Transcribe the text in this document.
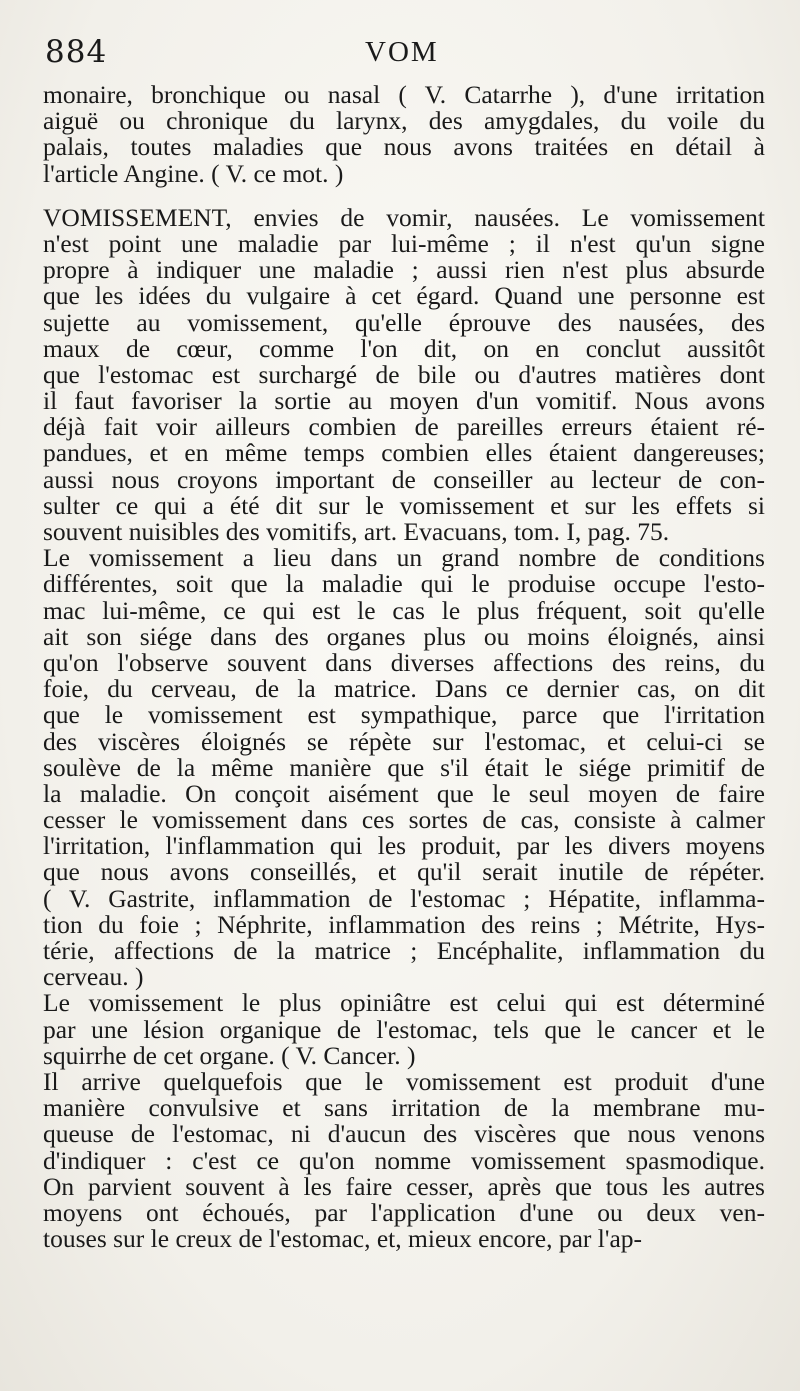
884	VOM
monaire, bronchique ou nasal ( V. Catarrhe ), d'une irritation
aiguë ou chronique du larynx, des amygdales, du voile du
palais, toutes maladies que nous avons traitées en détail à
l'article Angine. ( V. ce mot. )
VOMISSEMENT, envies de vomir, nausées. Le vomissement
n'est point une maladie par lui-même ; il n'est qu'un signe
propre à indiquer une maladie ; aussi rien n'est plus absurde
que les idées du vulgaire à cet égard. Quand une personne est
sujette au vomissement, qu'elle éprouve des nausées, des
maux de cœur, comme l'on dit, on en conclut aussitôt
que l'estomac est surchargé de bile ou d'autres matières dont
il faut favoriser la sortie au moyen d'un vomitif. Nous avons
déjà fait voir ailleurs combien de pareilles erreurs étaient ré-
pandues, et en même temps combien elles étaient dangereuses;
aussi nous croyons important de conseiller au lecteur de con-
sulter ce qui a été dit sur le vomissement et sur les effets si
souvent nuisibles des vomitifs, art. Evacuans, tom. I, pag. 75.
Le vomissement a lieu dans un grand nombre de conditions
différentes, soit que la maladie qui le produise occupe l'esto-
mac lui-même, ce qui est le cas le plus fréquent, soit qu'elle
ait son siége dans des organes plus ou moins éloignés, ainsi
qu'on l'observe souvent dans diverses affections des reins, du
foie, du cerveau, de la matrice. Dans ce dernier cas, on dit
que le vomissement est sympathique, parce que l'irritation
des viscères éloignés se répète sur l'estomac, et celui-ci se
soulève de la même manière que s'il était le siége primitif de
la maladie. On conçoit aisément que le seul moyen de faire
cesser le vomissement dans ces sortes de cas, consiste à calmer
l'irritation, l'inflammation qui les produit, par les divers moyens
que nous avons conseillés, et qu'il serait inutile de répéter.
( V. Gastrite, inflammation de l'estomac ; Hépatite, inflamma-
tion du foie ; Néphrite, inflammation des reins ; Métrite, Hys-
térie, affections de la matrice ; Encéphalite, inflammation du
cerveau. )
Le vomissement le plus opiniâtre est celui qui est déterminé
par une lésion organique de l'estomac, tels que le cancer et le
squirrhe de cet organe. ( V. Cancer. )
Il arrive quelquefois que le vomissement est produit d'une
manière convulsive et sans irritation de la membrane mu-
queuse de l'estomac, ni d'aucun des viscères que nous venons
d'indiquer : c'est ce qu'on nomme vomissement spasmodique.
On parvient souvent à les faire cesser, après que tous les autres
moyens ont échoués, par l'application d'une ou deux ven-
touses sur le creux de l'estomac, et, mieux encore, par l'ap-
